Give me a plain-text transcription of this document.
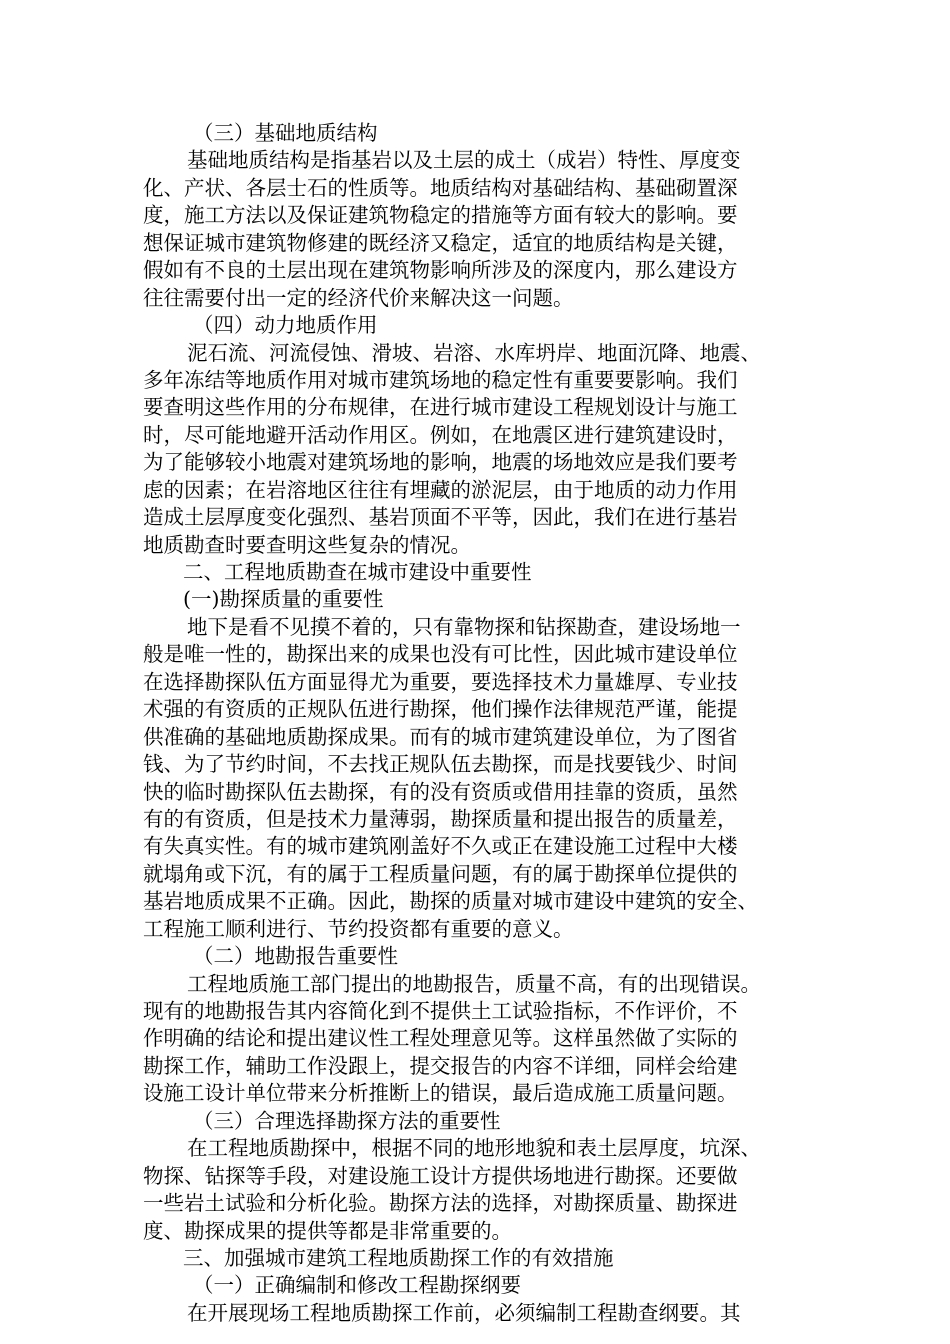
（三）基础地质结构
基础地质结构是指基岩以及土层的成土（成岩）特性、厚度变
化、产状、各层士石的性质等。地质结构对基础结构、基础砌置深
度，施工方法以及保证建筑物稳定的措施等方面有较大的影响。要
想保证城市建筑物修建的既经济又稳定，适宜的地质结构是关键，
假如有不良的土层出现在建筑物影响所涉及的深度内，那么建设方
往往需要付出一定的经济代价来解决这一问题。
（四）动力地质作用
泥石流、河流侵蚀、滑坡、岩溶、水库坍岸、地面沉降、地震、
多年冻结等地质作用对城市建筑场地的稳定性有重要要影响。我们
要查明这些作用的分布规律，在进行城市建设工程规划设计与施工
时，尽可能地避开活动作用区。例如，在地震区进行建筑建设时，
为了能够较小地震对建筑场地的影响，地震的场地效应是我们要考
虑的因素；在岩溶地区往往有埋藏的淤泥层，由于地质的动力作用
造成土层厚度变化强烈、基岩顶面不平等，因此，我们在进行基岩
地质勘查时要查明这些复杂的情况。
二、工程地质勘查在城市建设中重要性
(一)勘探质量的重要性
地下是看不见摸不着的，只有靠物探和钻探勘查，建设场地一
般是唯一性的，勘探出来的成果也没有可比性，因此城市建设单位
在选择勘探队伍方面显得尤为重要，要选择技术力量雄厚、专业技
术强的有资质的正规队伍进行勘探，他们操作法律规范严谨，能提
供准确的基础地质勘探成果。而有的城市建筑建设单位，为了图省
钱、为了节约时间，不去找正规队伍去勘探，而是找要钱少、时间
快的临时勘探队伍去勘探，有的没有资质或借用挂靠的资质，虽然
有的有资质，但是技术力量薄弱，勘探质量和提出报告的质量差，
有失真实性。有的城市建筑刚盖好不久或正在建设施工过程中大楼
就塌角或下沉，有的属于工程质量问题，有的属于勘探单位提供的
基岩地质成果不正确。因此，勘探的质量对城市建设中建筑的安全、
工程施工顺利进行、节约投资都有重要的意义。
（二）地勘报告重要性
工程地质施工部门提出的地勘报告，质量不高，有的出现错误。
现有的地勘报告其内容简化到不提供土工试验指标，不作评价，不
作明确的结论和提出建议性工程处理意见等。这样虽然做了实际的
勘探工作，辅助工作没跟上，提交报告的内容不详细，同样会给建
设施工设计单位带来分析推断上的错误，最后造成施工质量问题。
（三）合理选择勘探方法的重要性
在工程地质勘探中，根据不同的地形地貌和表土层厚度，坑深、
物探、钻探等手段，对建设施工设计方提供场地进行勘探。还要做
一些岩土试验和分析化验。勘探方法的选择，对勘探质量、勘探进
度、勘探成果的提供等都是非常重要的。
三、加强城市建筑工程地质勘探工作的有效措施
（一）正确编制和修改工程勘探纲要
在开展现场工程地质勘探工作前，必须编制工程勘查纲要。其
